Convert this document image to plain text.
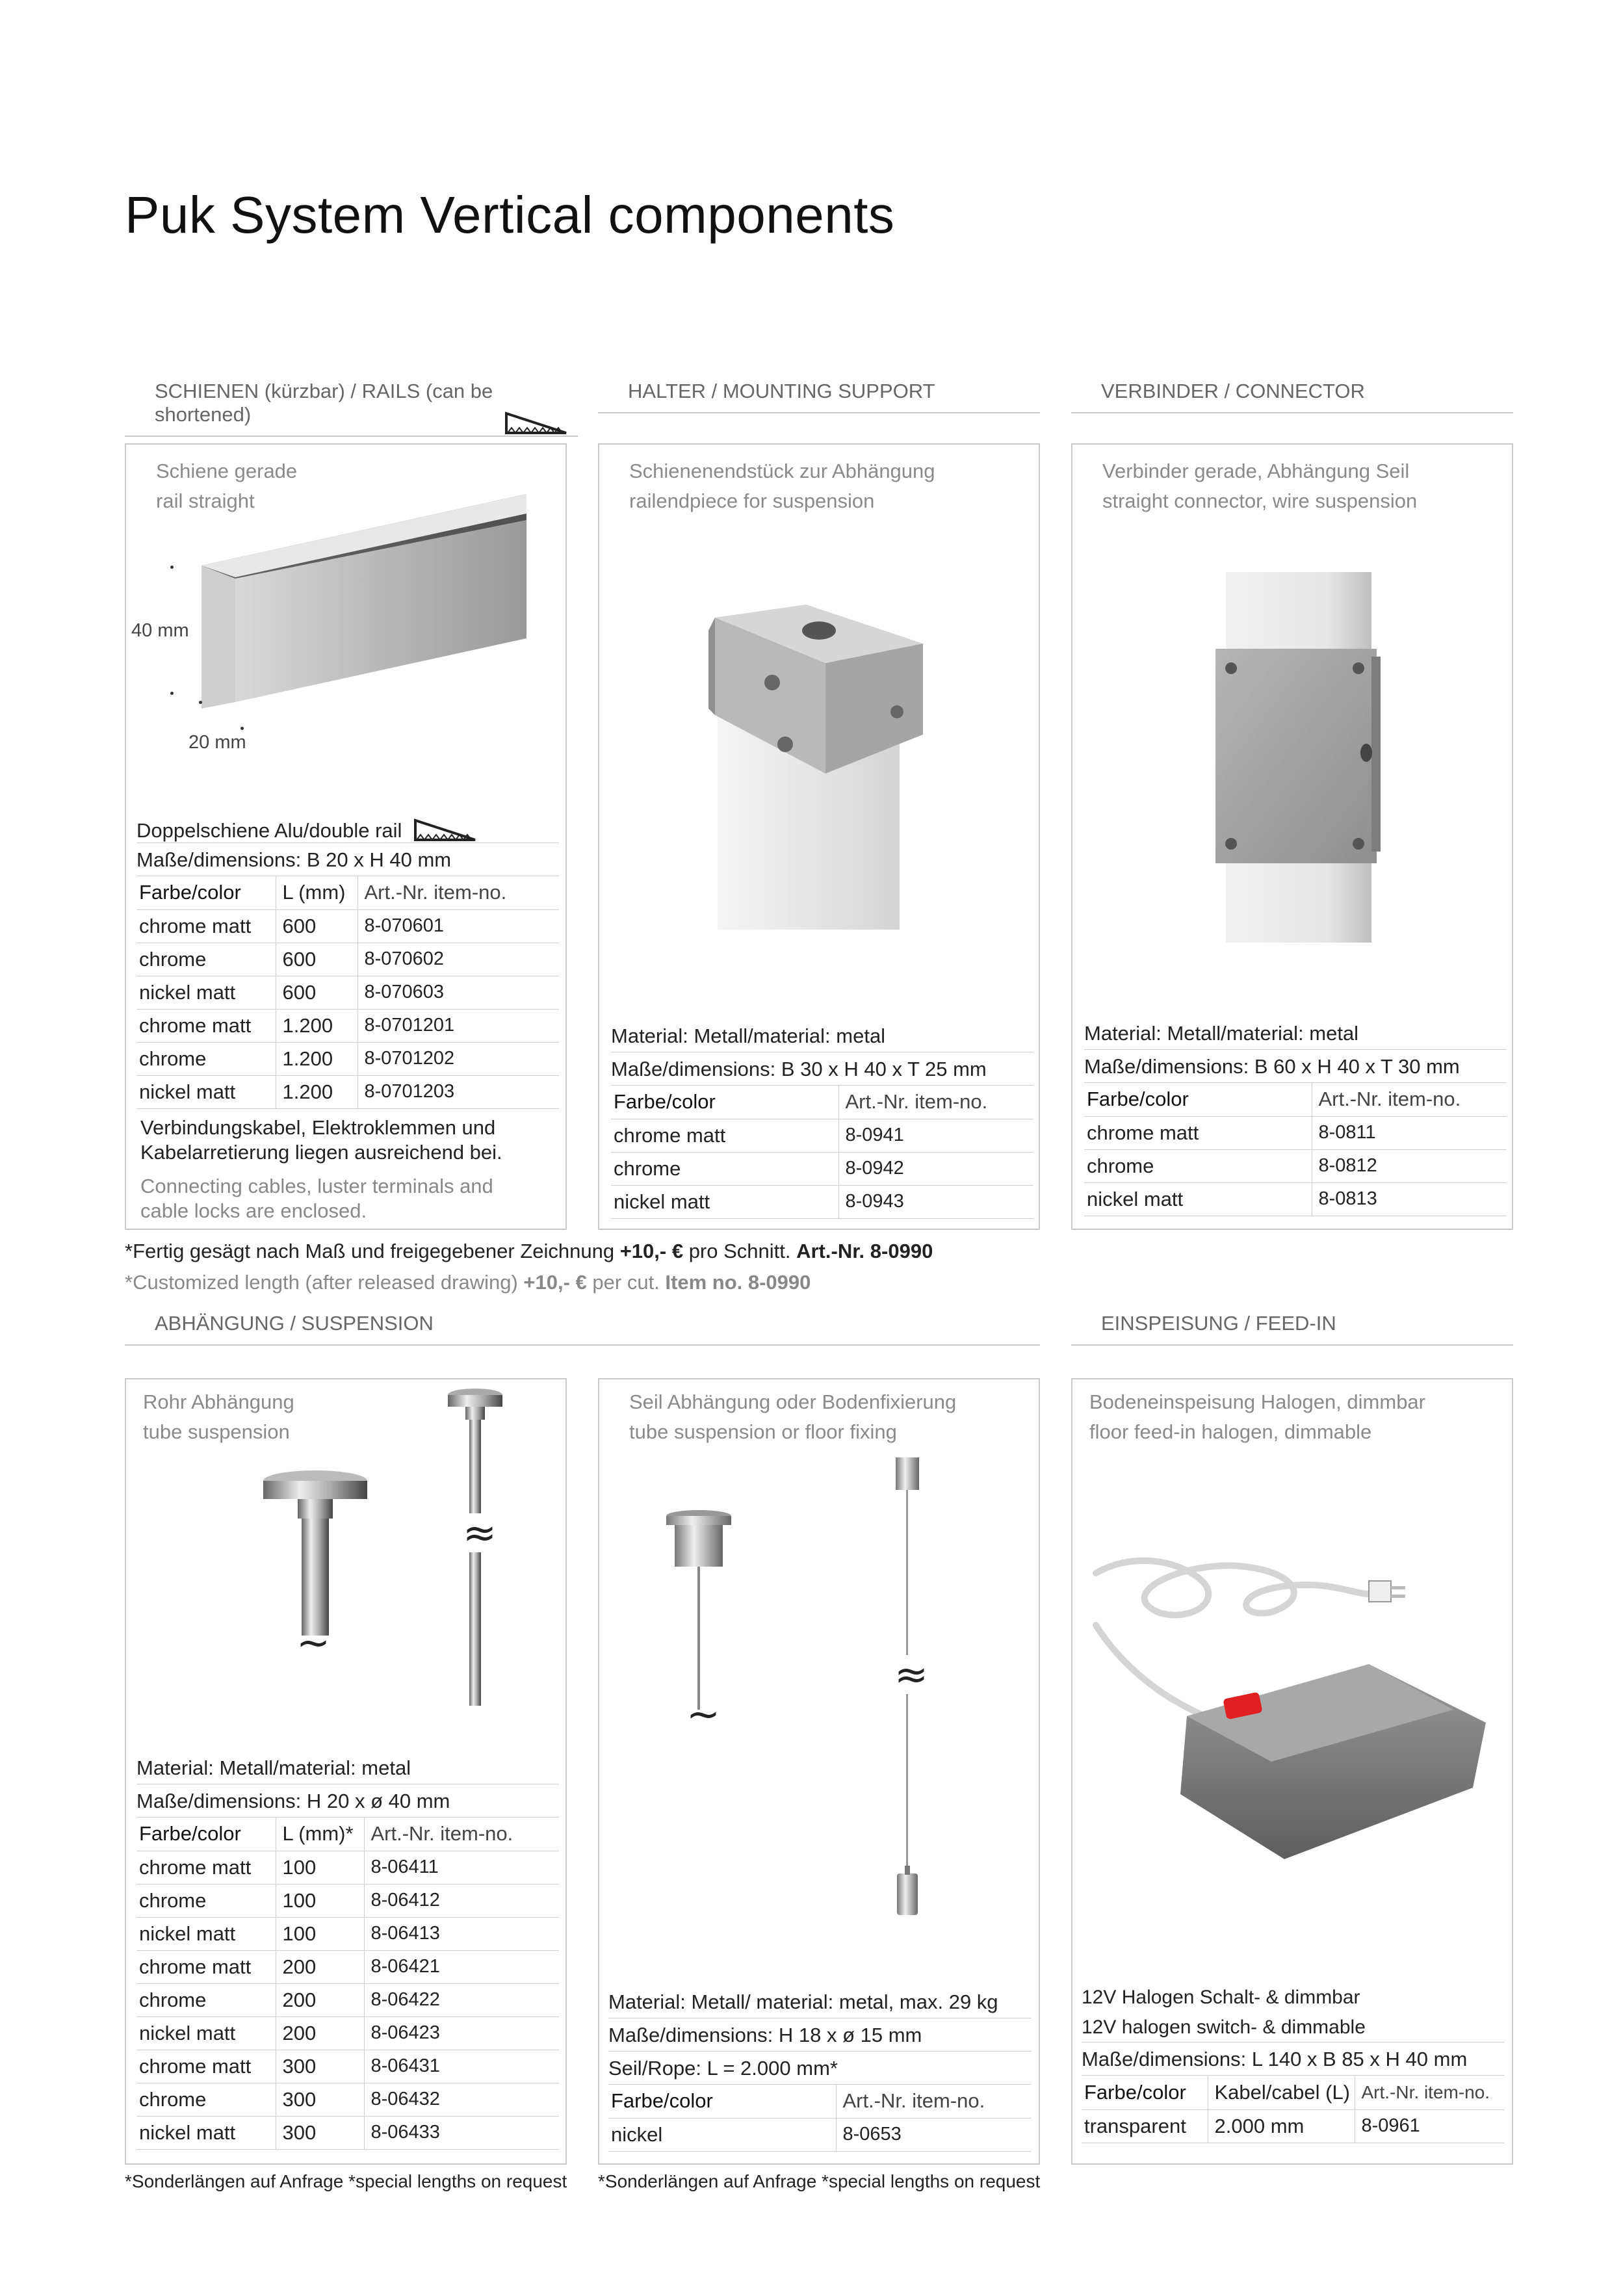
Puk System Vertical components
SCHIENEN (kürzbar) / RAILS (can be shortened)
HALTER / MOUNTING SUPPORT	VERBINDER / CONNECTOR
Schiene gerade
rail straight
40 mm
20 mm
Doppelschiene Alu/double rail
Maße/dimensions: B 20 x H 40 mm
Farbe/color	L (mm)	Art.-Nr. item-no.
chrome matt	600	8-070601
chrome	600	8-070602
nickel matt	600	8-070603
chrome matt	1.200	8-0701201
chrome	1.200	8-0701202
nickel matt	1.200	8-0701203
Verbindungskabel, Elektroklemmen und
Kabelarretierung liegen ausreichend bei.
Connecting cables, luster terminals and
cable locks are enclosed.
Schienenendstück zur Abhängung
railendpiece for suspension
Material: Metall/material: metal
Maße/dimensions: B 30 x H 40 x T 25 mm
Farbe/color	Art.-Nr. item-no.
chrome matt	8-0941
chrome	8-0942
nickel matt	8-0943
Verbinder gerade, Abhängung Seil
straight connector, wire suspension
Material: Metall/material: metal
Maße/dimensions: B 60 x H 40 x T 30 mm
Farbe/color	Art.-Nr. item-no.
chrome matt	8-0811
chrome	8-0812
nickel matt	8-0813
*Fertig gesägt nach Maß und freigegebener Zeichnung +10,- € pro Schnitt. Art.-Nr. 8-0990
*Customized length (after released drawing) +10,- € per cut. Item no. 8-0990
ABHÄNGUNG / SUSPENSION	EINSPEISUNG / FEED-IN
Rohr Abhängung
tube suspension
~
≈
Material: Metall/material: metal
Maße/dimensions: H 20 x ø 40 mm
Farbe/color	L (mm)*	Art.-Nr. item-no.
chrome matt	100	8-06411
chrome	100	8-06412
nickel matt	100	8-06413
chrome matt	200	8-06421
chrome	200	8-06422
nickel matt	200	8-06423
chrome matt	300	8-06431
chrome	300	8-06432
nickel matt	300	8-06433
*Sonderlängen auf Anfrage *special lengths on request
Seil Abhängung oder Bodenfixierung
tube suspension or floor fixing
~
≈
Material: Metall/ material: metal, max. 29 kg
Maße/dimensions: H 18 x ø 15 mm
Seil/Rope: L = 2.000 mm*
Farbe/color	Art.-Nr. item-no.
nickel	8-0653
*Sonderlängen auf Anfrage *special lengths on request
Bodeneinspeisung Halogen, dimmbar
floor feed-in halogen, dimmable
12V Halogen Schalt- & dimmbar
12V halogen switch- & dimmable
Maße/dimensions: L 140 x B 85 x H 40 mm
Farbe/color	Kabel/cabel (L)	Art.-Nr. item-no.
transparent	2.000 mm	8-0961
